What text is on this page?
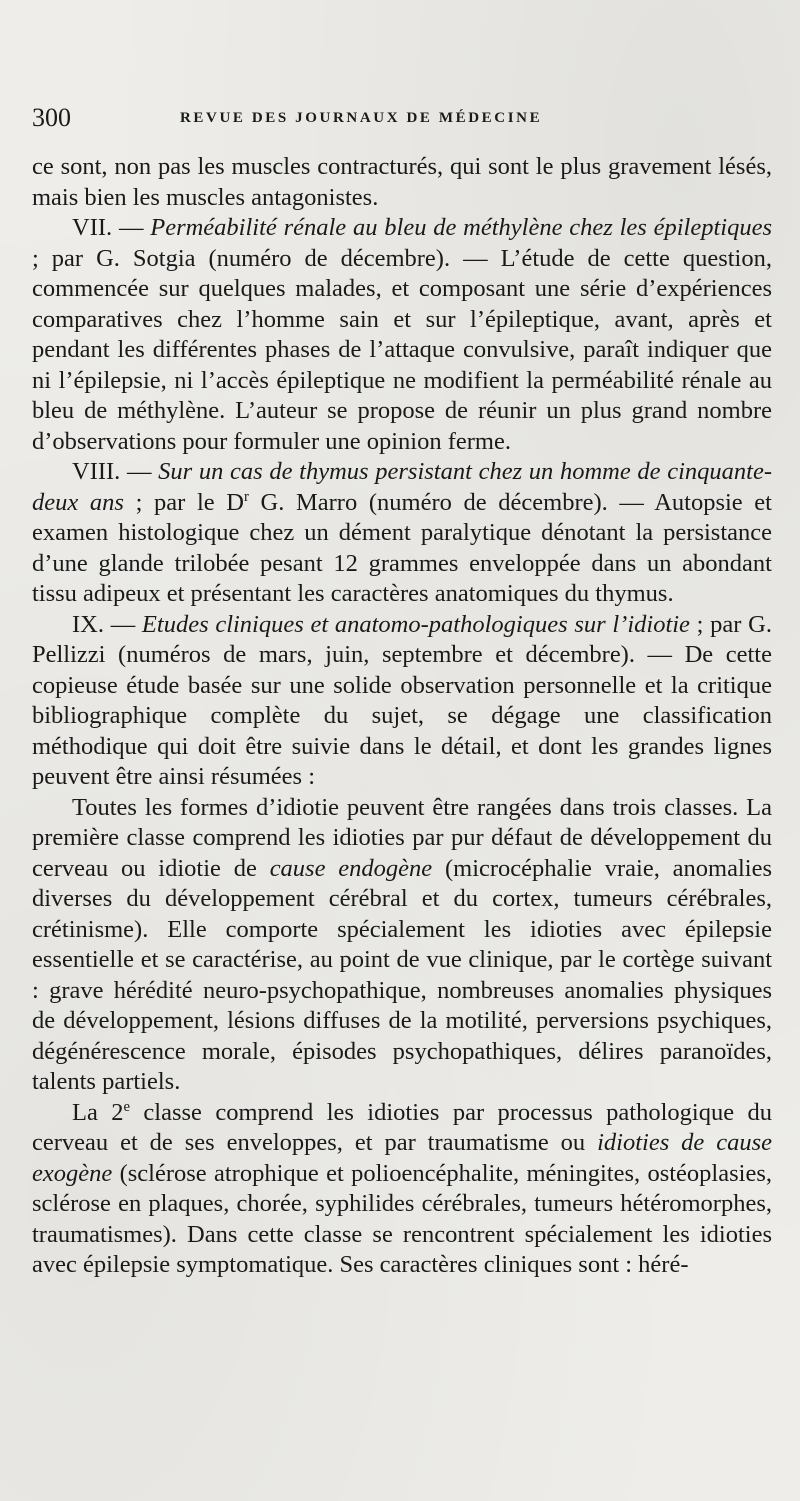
300	REVUE DES JOURNAUX DE MÉDECINE

ce sont, non pas les muscles contracturés, qui sont le plus gravement lésés, mais bien les muscles antagonistes.

VII. — Perméabilité rénale au bleu de méthylène chez les épileptiques ; par G. Sotgia (numéro de décembre). — L’étude de cette question, commencée sur quelques malades, et composant une série d’expériences comparatives chez l’homme sain et sur l’épileptique, avant, après et pendant les différentes phases de l’attaque convulsive, paraît indiquer que ni l’épilepsie, ni l’accès épileptique ne modifient la perméabilité rénale au bleu de méthylène. L’auteur se propose de réunir un plus grand nombre d’observations pour formuler une opinion ferme.

VIII. — Sur un cas de thymus persistant chez un homme de cinquante-deux ans ; par le $D^r$ G. Marro (numéro de décembre). — Autopsie et examen histologique chez un dément paralytique dénotant la persistance d’une glande trilobée pesant 12 grammes enveloppée dans un abondant tissu adipeux et présentant les caractères anatomiques du thymus.

IX. — Etudes cliniques et anatomo-pathologiques sur l’idiotie ; par G. Pellizzi (numéros de mars, juin, septembre et décembre). — De cette copieuse étude basée sur une solide observation personnelle et la critique bibliographique complète du sujet, se dégage une classification méthodique qui doit être suivie dans le détail, et dont les grandes lignes peuvent être ainsi résumées :

Toutes les formes d’idiotie peuvent être rangées dans trois classes. La première classe comprend les idioties par pur défaut de développement du cerveau ou idiotie de cause endogène (microcéphalie vraie, anomalies diverses du développement cérébral et du cortex, tumeurs cérébrales, crétinisme). Elle comporte spécialement les idioties avec épilepsie essentielle et se caractérise, au point de vue clinique, par le cortège suivant : grave hérédité neuro-psychopathique, nombreuses anomalies physiques de développement, lésions diffuses de la motilité, perversions psychiques, dégénérescence morale, épisodes psychopathiques, délires paranoïdes, talents partiels.

La 2e classe comprend les idioties par processus pathologique du cerveau et de ses enveloppes, et par traumatisme ou idioties de cause exogène (sclérose atrophique et polioencéphalite, méningites, ostéoplasies, sclérose en plaques, chorée, syphilides cérébrales, tumeurs hétéromorphes, traumatismes). Dans cette classe se rencontrent spécialement les idioties avec épilepsie symptomatique. Ses caractères cliniques sont : héré-
